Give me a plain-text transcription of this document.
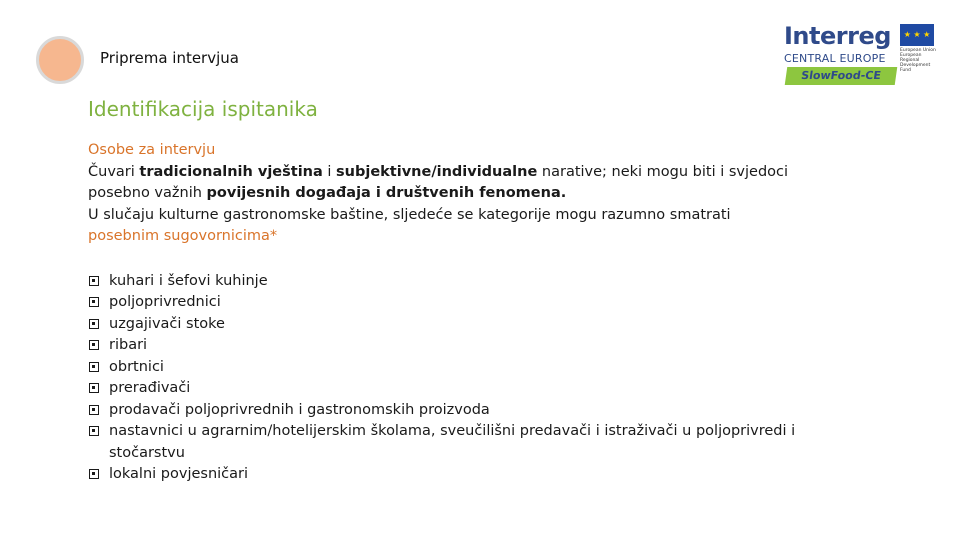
Priprema intervjua
Interreg	★ ★ ★
European Union European Regional Development Fund
CENTRAL EUROPE
SlowFood-CE
Identifikacija ispitanika

Osobe za intervju

Čuvari tradicionalnih vještina i subjektivne/individualne narative; neki mogu biti i svjedoci posebno važnih povijesnih događaja i društvenih fenomena.

U slučaju kulturne gastronomske baštine, sljedeće se kategorije mogu razumno smatrati

posebnim sugovornicima*

kuhari i šefovi kuhinje
poljoprivrednici
uzgajivači stoke
ribari
obrtnici
prerađivači
prodavači poljoprivrednih i gastronomskih proizvoda
nastavnici u agrarnim/hotelijerskim školama, sveučilišni predavači i istraživači u poljoprivredi i stočarstvu
lokalni povjesničari
